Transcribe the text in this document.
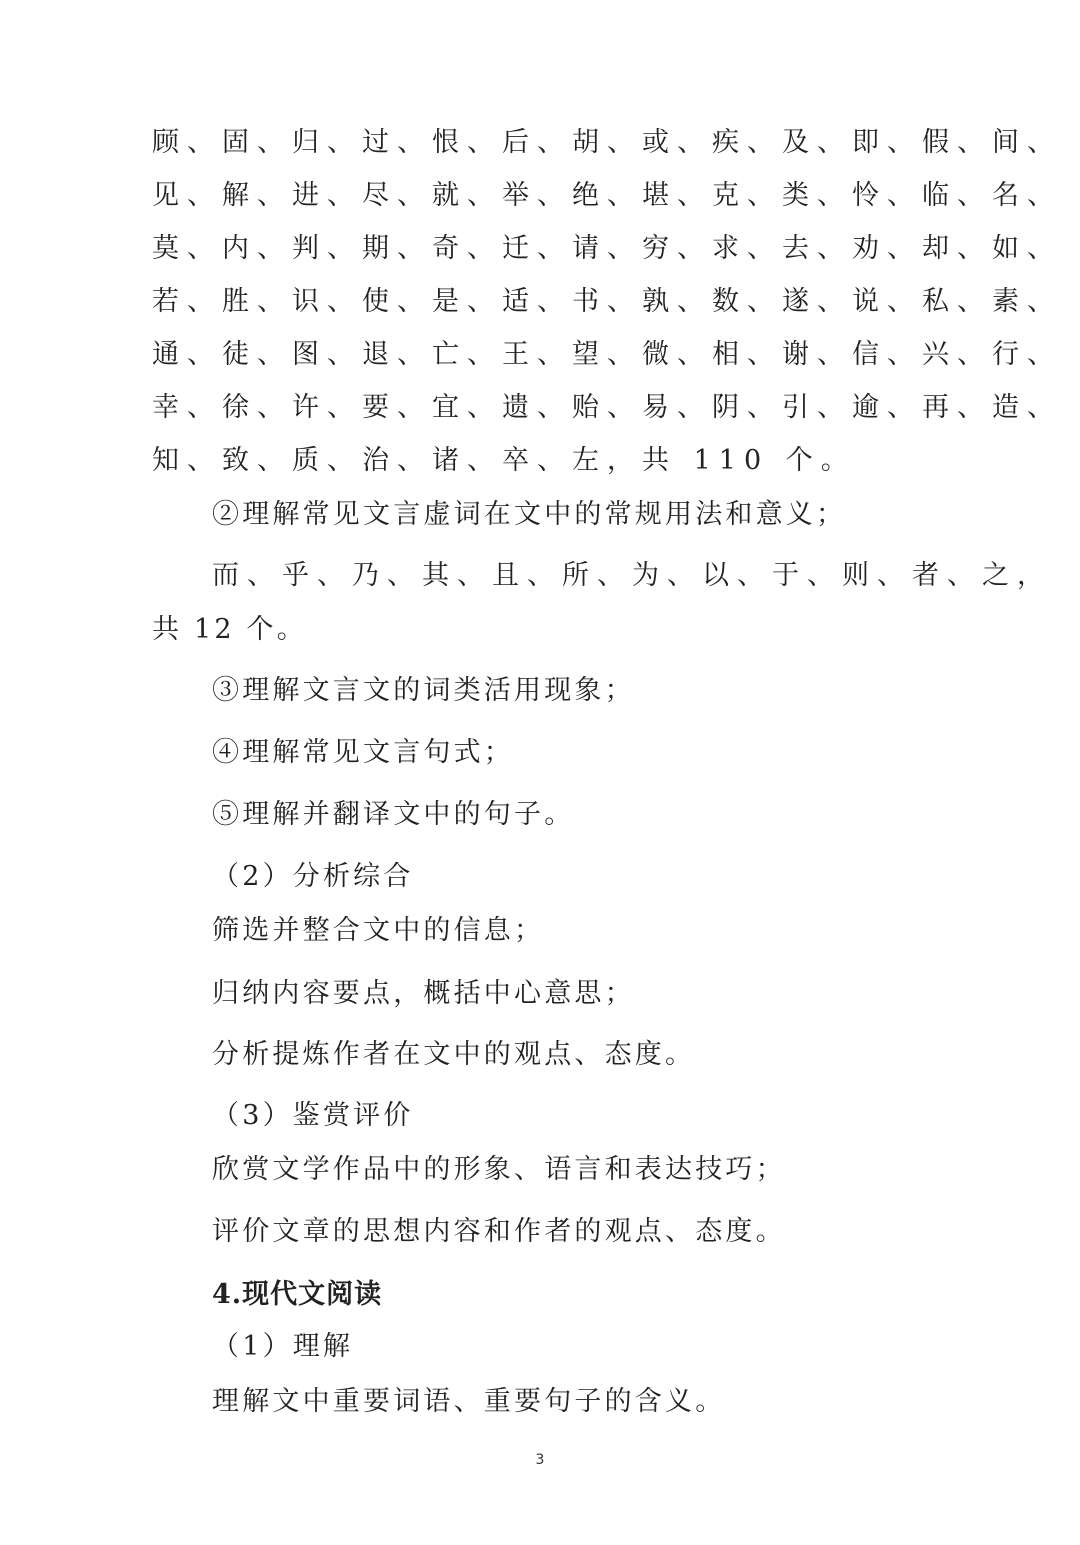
顾、固、归、过、恨、后、胡、或、疾、及、即、假、间、
见、解、进、尽、就、举、绝、堪、克、类、怜、临、名、
莫、内、判、期、奇、迁、请、穷、求、去、劝、却、如、
若、胜、识、使、是、适、书、孰、数、遂、说、私、素、
通、徒、图、退、亡、王、望、微、相、谢、信、兴、行、
幸、徐、许、要、宜、遗、贻、易、阴、引、逾、再、造、
知、致、质、治、诸、卒、左，共 110 个。
②理解常见文言虚词在文中的常规用法和意义；
而、乎、乃、其、且、所、为、以、于、则、者、之，
共 12 个。
③理解文言文的词类活用现象；
④理解常见文言句式；
⑤理解并翻译文中的句子。
（2）分析综合
筛选并整合文中的信息；
归纳内容要点，概括中心意思；
分析提炼作者在文中的观点、态度。
（3）鉴赏评价
欣赏文学作品中的形象、语言和表达技巧；
评价文章的思想内容和作者的观点、态度。
4.现代文阅读
（1）理解
理解文中重要词语、重要句子的含义。
3
